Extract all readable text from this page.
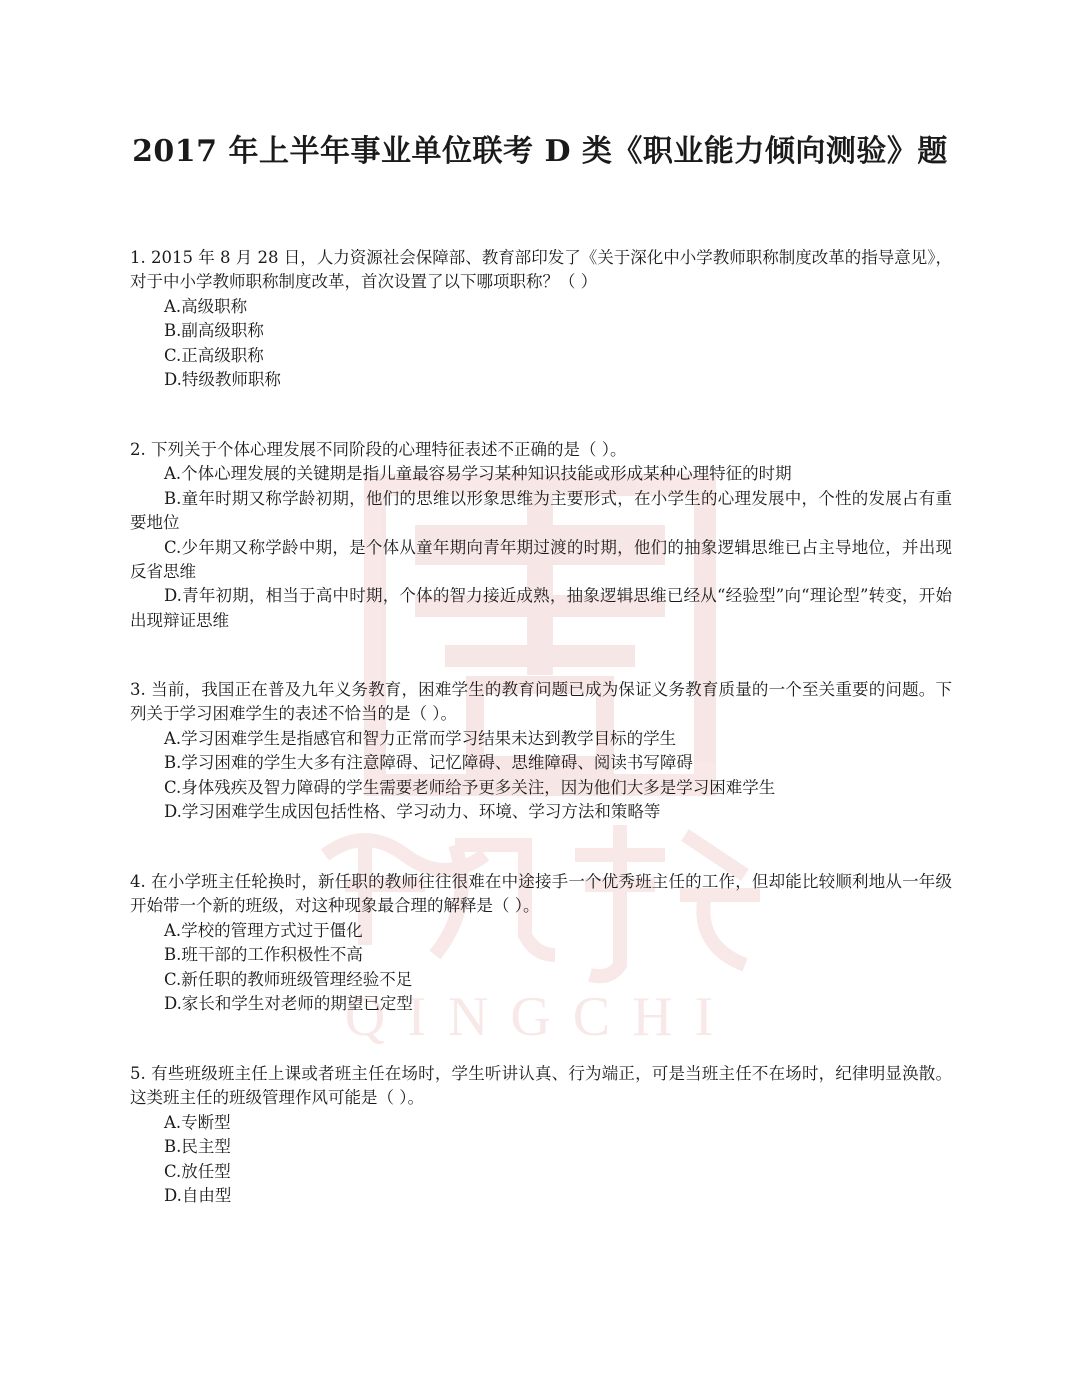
QINGCHI
2017 年上半年事业单位联考 D 类《职业能力倾向测验》题
1. 2015 年 8 月 28 日，人力资源社会保障部、教育部印发了《关于深化中小学教师职称制度改革的指导意见》，对于中小学教师职称制度改革，首次设置了以下哪项职称？（ ）
A.高级职称
B.副高级职称
C.正高级职称
D.特级教师职称
2. 下列关于个体心理发展不同阶段的心理特征表述不正确的是（ ）。
A.个体心理发展的关键期是指儿童最容易学习某种知识技能或形成某种心理特征的时期
B.童年时期又称学龄初期，他们的思维以形象思维为主要形式，在小学生的心理发展中，个性的发展占有重要地位
C.少年期又称学龄中期，是个体从童年期向青年期过渡的时期，他们的抽象逻辑思维已占主导地位，并出现反省思维
D.青年初期，相当于高中时期，个体的智力接近成熟，抽象逻辑思维已经从“经验型”向“理论型”转变，开始出现辩证思维
3. 当前，我国正在普及九年义务教育，困难学生的教育问题已成为保证义务教育质量的一个至关重要的问题。下列关于学习困难学生的表述不恰当的是（ ）。
A.学习困难学生是指感官和智力正常而学习结果未达到教学目标的学生
B.学习困难的学生大多有注意障碍、记忆障碍、思维障碍、阅读书写障碍
C.身体残疾及智力障碍的学生需要老师给予更多关注，因为他们大多是学习困难学生
D.学习困难学生成因包括性格、学习动力、环境、学习方法和策略等
4. 在小学班主任轮换时，新任职的教师往往很难在中途接手一个优秀班主任的工作，但却能比较顺利地从一年级开始带一个新的班级，对这种现象最合理的解释是（ ）。
A.学校的管理方式过于僵化
B.班干部的工作积极性不高
C.新任职的教师班级管理经验不足
D.家长和学生对老师的期望已定型
5. 有些班级班主任上课或者班主任在场时，学生听讲认真、行为端正，可是当班主任不在场时，纪律明显涣散。这类班主任的班级管理作风可能是（ ）。
A.专断型
B.民主型
C.放任型
D.自由型
